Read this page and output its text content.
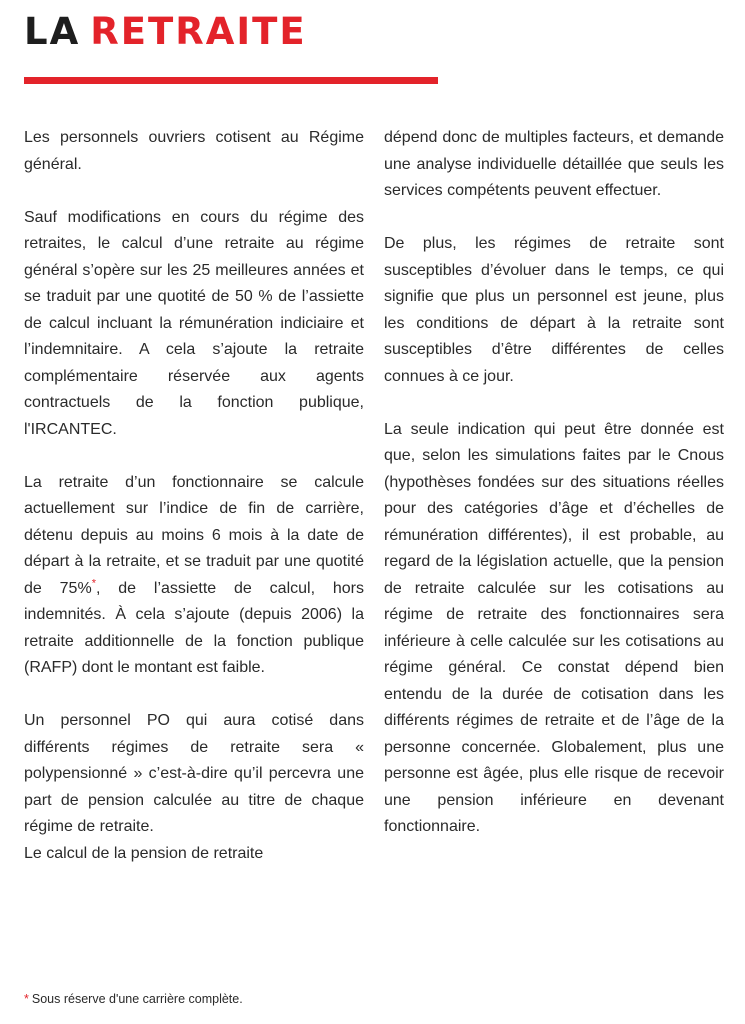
LA RETRAITE

Les personnels ouvriers cotisent au Régime général.

Sauf modifications en cours du régime des retraites, le calcul d’une retraite au régime général s’opère sur les 25 meilleures années et se traduit par une quotité de 50 % de l’assiette de calcul incluant la rémunération indiciaire et l’indemnitaire. A cela s’ajoute la retraite complémentaire réservée aux agents contractuels de la fonction publique, l'IRCANTEC.

La retraite d’un fonctionnaire se calcule actuellement sur l’indice de fin de carrière, détenu depuis au moins 6 mois à la date de départ à la retraite, et se traduit par une quotité de 75%*, de l’assiette de calcul, hors indemnités. À cela s’ajoute (depuis 2006) la retraite additionnelle de la fonction publique (RAFP) dont le montant est faible.

Un personnel PO qui aura cotisé dans différents régimes de retraite sera « polypensionné » c’est-à-dire qu’il percevra une part de pension calculée au titre de chaque régime de retraite.

Le calcul de la pension de retraite

dépend donc de multiples facteurs, et demande une analyse individuelle détaillée que seuls les services compétents peuvent effectuer.

De plus, les régimes de retraite sont susceptibles d’évoluer dans le temps, ce qui signifie que plus un personnel est jeune, plus les conditions de départ à la retraite sont susceptibles d’être différentes de celles connues à ce jour.

La seule indication qui peut être donnée est que, selon les simulations faites par le Cnous (hypothèses fondées sur des situations réelles pour des catégories d’âge et d’échelles de rémunération différentes), il est probable, au regard de la législation actuelle, que la pension de retraite calculée sur les cotisations au régime de retraite des fonctionnaires sera inférieure à celle calculée sur les cotisations au régime général. Ce constat dépend bien entendu de la durée de cotisation dans les différents régimes de retraite et de l’âge de la personne concernée. Globalement, plus une personne est âgée, plus elle risque de recevoir une pension inférieure en devenant fonctionnaire.

* Sous réserve d'une carrière complète.
